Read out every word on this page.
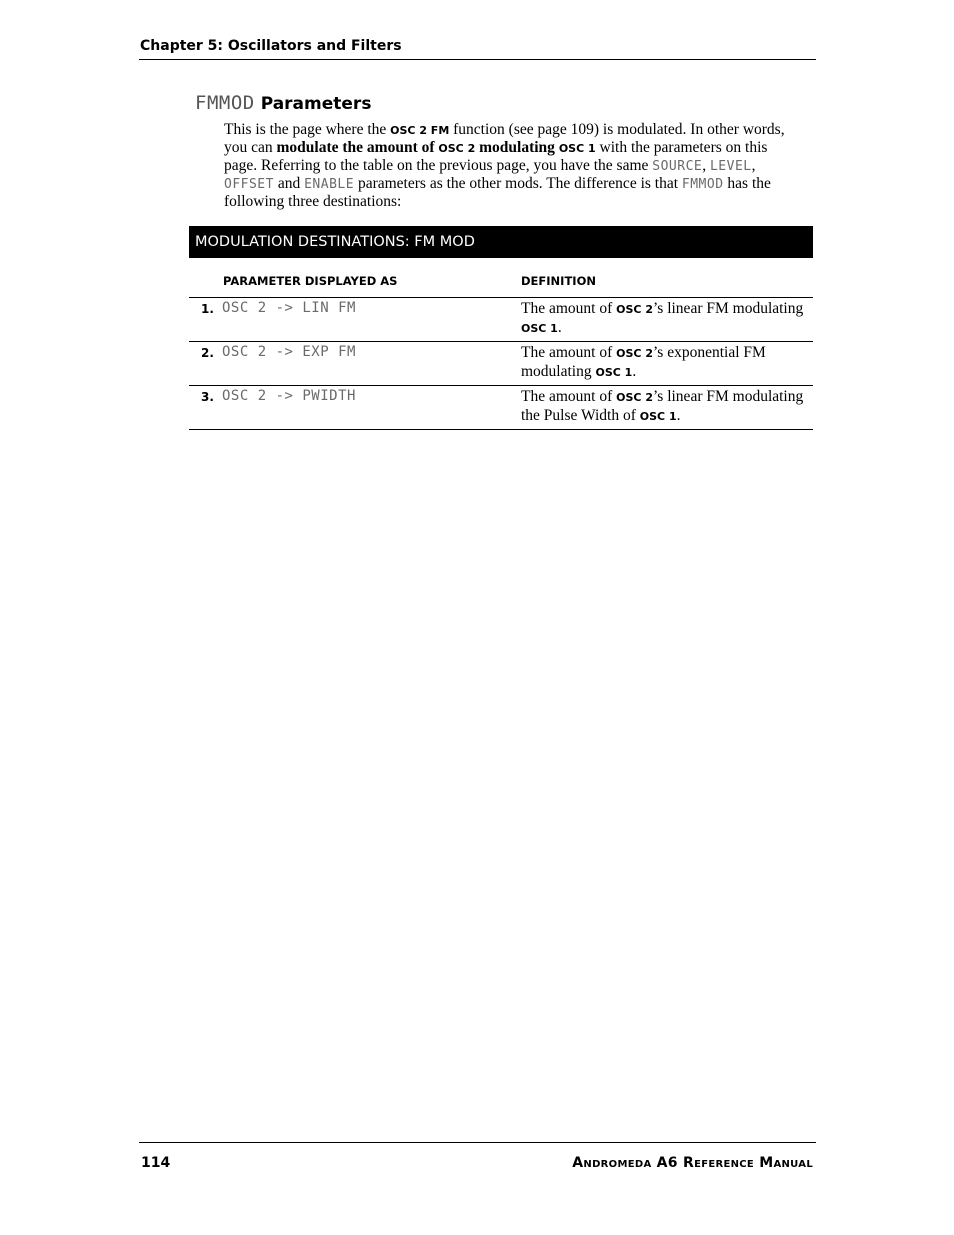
Chapter 5: Oscillators and Filters
FMMOD Parameters
This is the page where the OSC 2 FM function (see page 109) is modulated. In other words, you can modulate the amount of OSC 2 modulating OSC 1 with the parameters on this page. Referring to the table on the previous page, you have the same SOURCE, LEVEL, OFFSET and ENABLE parameters as the other mods. The difference is that FMMOD has the following three destinations:
MODULATION DESTINATIONS: FM MOD
PARAMETER DISPLAYED AS	DEFINITION
1. OSC 2 -> LIN FM	The amount of OSC 2’s linear FM modulating OSC 1.
2. OSC 2 -> EXP FM	The amount of OSC 2’s exponential FM modulating OSC 1.
3. OSC 2 -> PWIDTH	The amount of OSC 2’s linear FM modulating the Pulse Width of OSC 1.
114	Andromeda A6 Reference Manual
